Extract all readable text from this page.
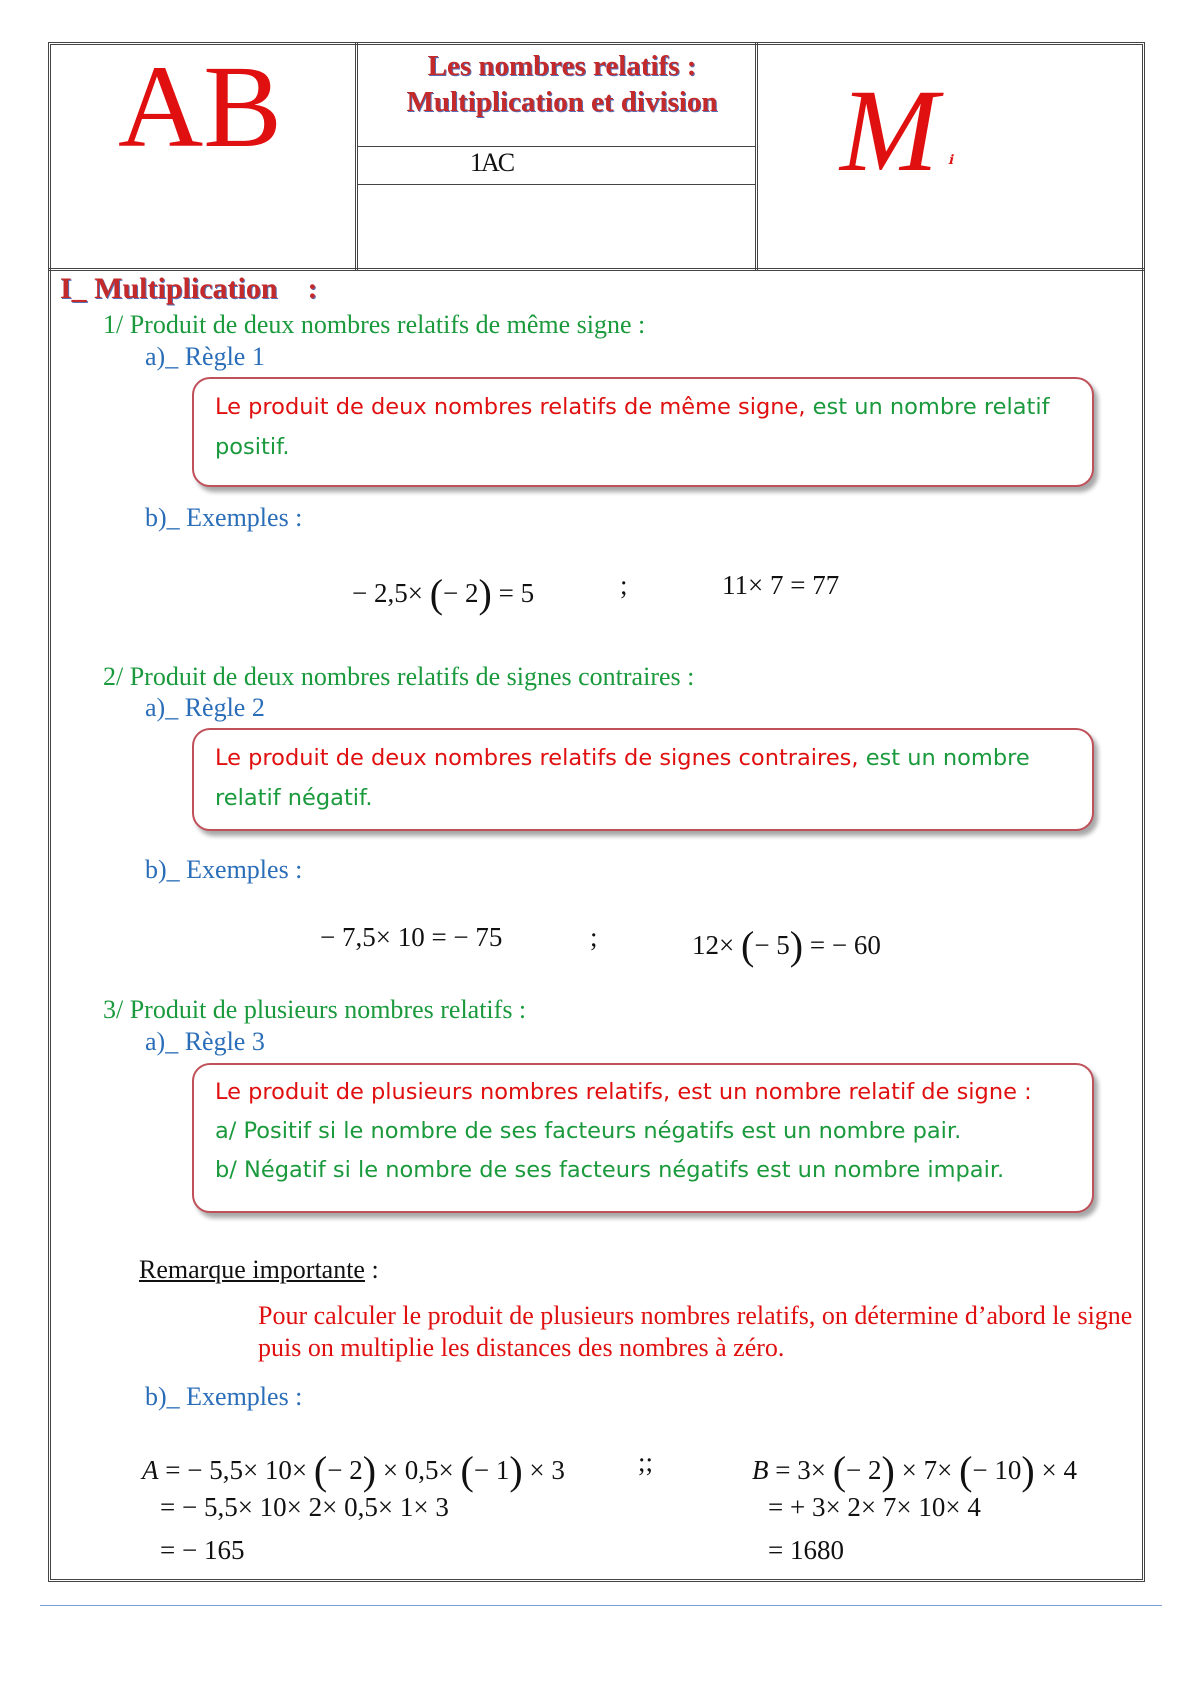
AB	Les nombres relatifs :
Multiplication et division
1AC	M ℹ
I_ Multiplication :
1/ Produit de deux nombres relatifs de même signe :
a)_ Règle 1
Le produit de deux nombres relatifs de même signe, est un nombre relatif positif.
b)_ Exemples :
− 2,5× (− 2) = 5	;	11× 7 = 77
2/ Produit de deux nombres relatifs de signes contraires :
a)_ Règle 2
Le produit de deux nombres relatifs de signes contraires, est un nombre relatif négatif.
b)_ Exemples :
− 7,5× 10 = − 75	;	12× (− 5) = − 60
3/ Produit de plusieurs nombres relatifs :
a)_ Règle 3
Le produit de plusieurs nombres relatifs, est un nombre relatif de signe :
a/ Positif si le nombre de ses facteurs négatifs est un nombre pair.
b/ Négatif si le nombre de ses facteurs négatifs est un nombre impair.
Remarque importante :
Pour calculer le produit de plusieurs nombres relatifs, on détermine d’abord le signe puis on multiplie les distances des nombres à zéro.
b)_ Exemples :
A = − 5,5× 10× (− 2) × 0,5× (− 1) × 3
= − 5,5× 10× 2× 0,5× 1× 3
= − 165
;;	B = 3× (− 2) × 7× (− 10) × 4
= + 3× 2× 7× 10× 4
= 1680
